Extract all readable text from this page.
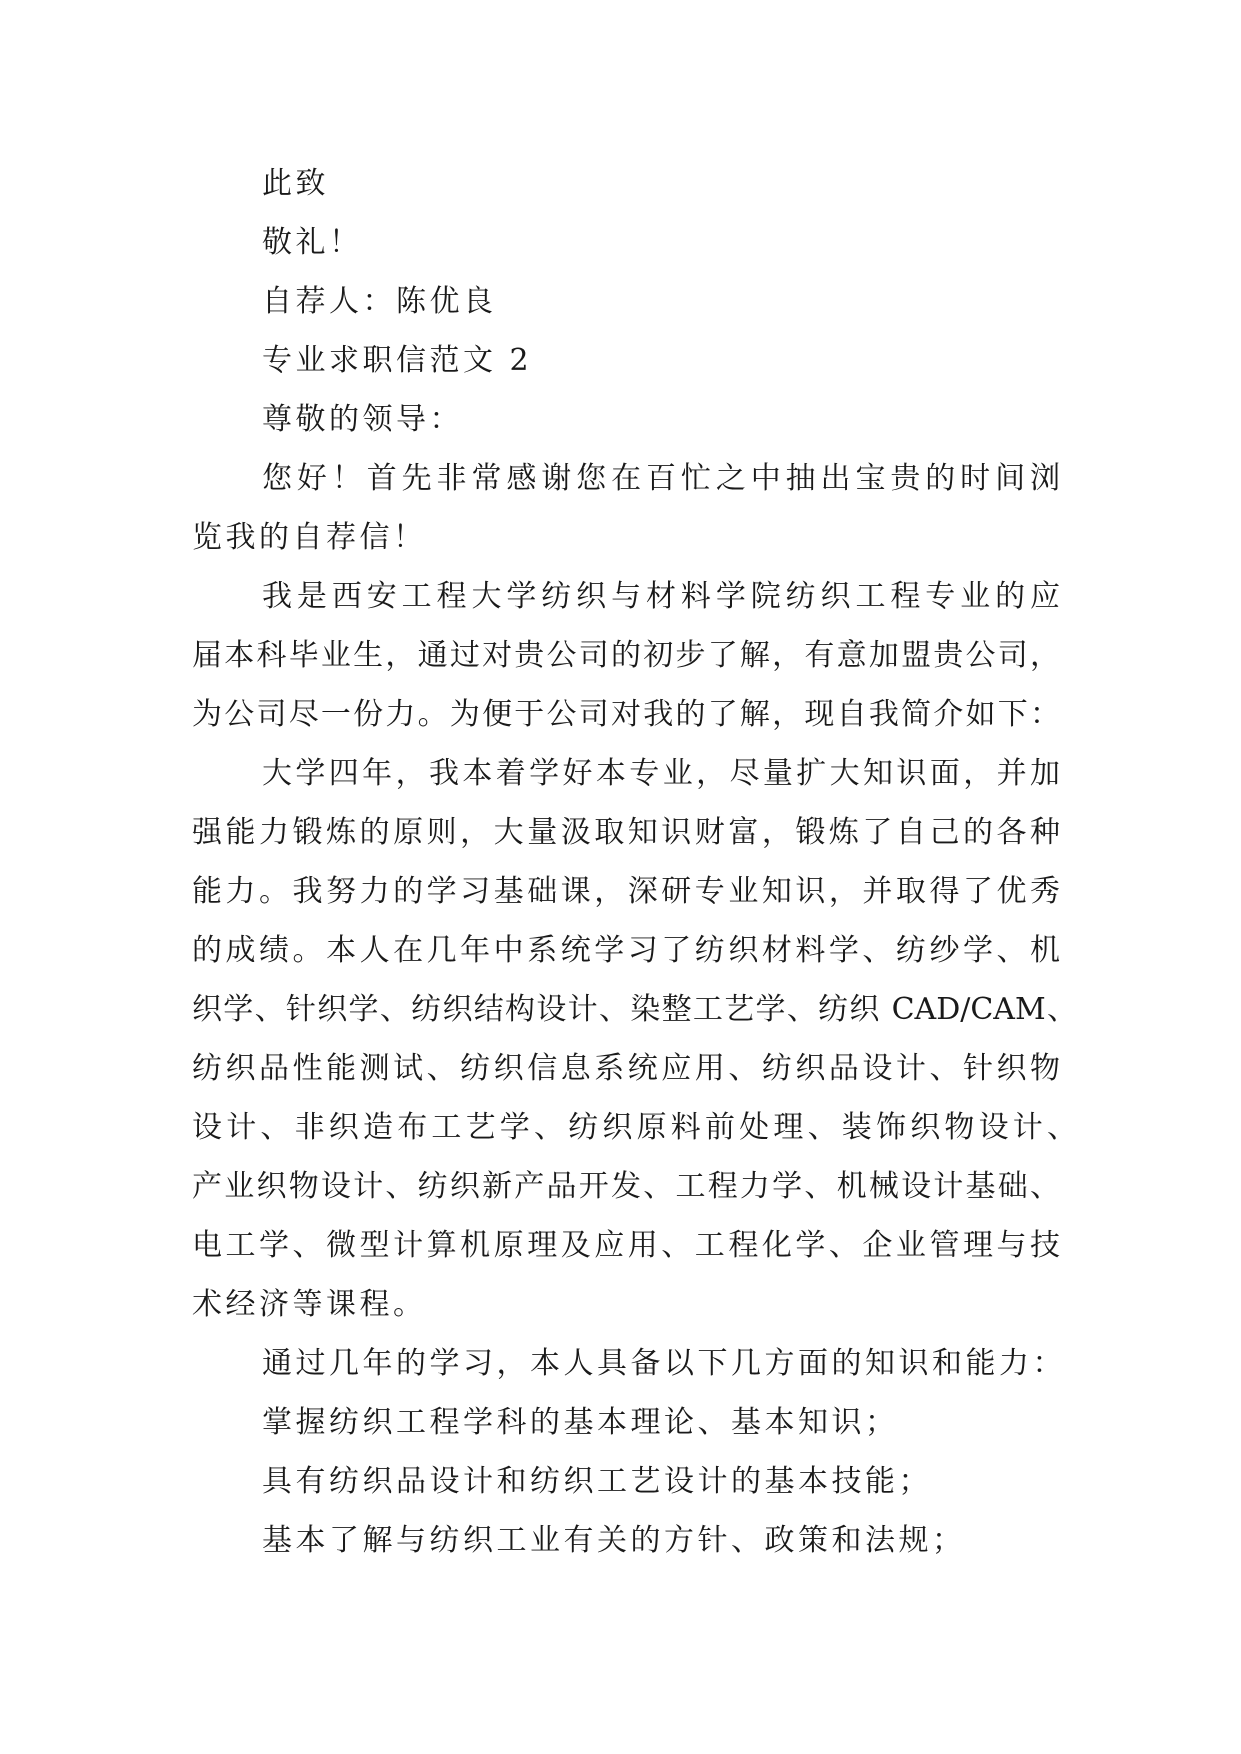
此致
敬礼！
自荐人：陈优良
专业求职信范文 2
尊敬的领导：
您好！首先非常感谢您在百忙之中抽出宝贵的时间浏
览我的自荐信！
我是西安工程大学纺织与材料学院纺织工程专业的应
届本科毕业生，通过对贵公司的初步了解，有意加盟贵公司，
为公司尽一份力。为便于公司对我的了解，现自我简介如下：
大学四年，我本着学好本专业，尽量扩大知识面，并加
强能力锻炼的原则，大量汲取知识财富，锻炼了自己的各种
能力。我努力的学习基础课，深研专业知识，并取得了优秀
的成绩。本人在几年中系统学习了纺织材料学、纺纱学、机
织学、针织学、纺织结构设计、染整工艺学、纺织 CAD/CAM、
纺织品性能测试、纺织信息系统应用、纺织品设计、针织物
设计、非织造布工艺学、纺织原料前处理、装饰织物设计、
产业织物设计、纺织新产品开发、工程力学、机械设计基础、
电工学、微型计算机原理及应用、工程化学、企业管理与技
术经济等课程。
通过几年的学习，本人具备以下几方面的知识和能力：
掌握纺织工程学科的基本理论、基本知识；
具有纺织品设计和纺织工艺设计的基本技能；
基本了解与纺织工业有关的方针、政策和法规；
